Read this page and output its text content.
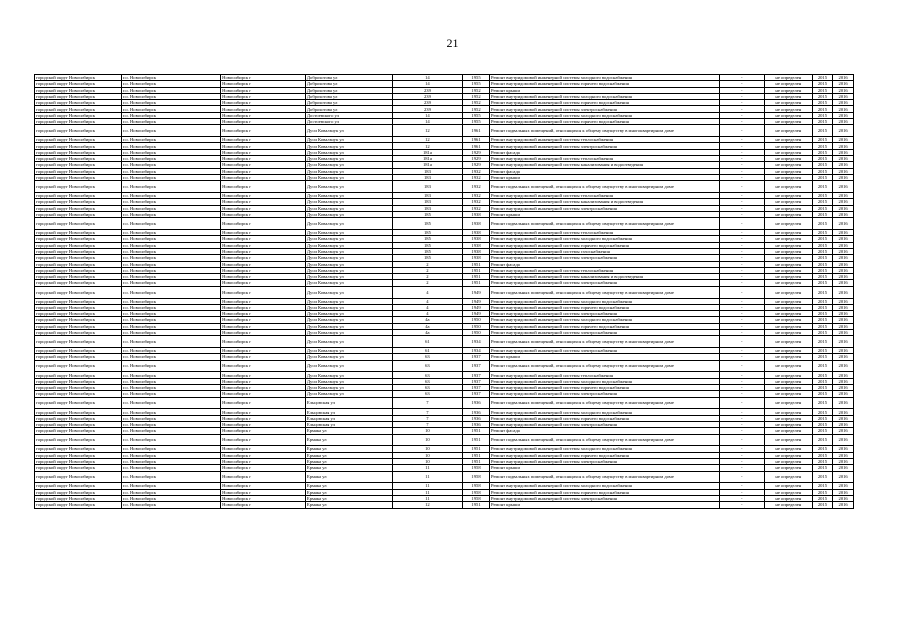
21
городской округ Новосибирск	г.о. Новосибирск	Новосибирск г	Доброхотова ул	14	1955	Ремонт внутридомовой инженерной системы холодного водоснабжения	-	не определен	2015	2016
городской округ Новосибирск	г.о. Новосибирск	Новосибирск г	Доброхотова ул	14	1955	Ремонт внутридомовой инженерной системы горячего водоснабжения	-	не определен	2015	2016
городской округ Новосибирск	г.о. Новосибирск	Новосибирск г	Доброхотова ул	239	1952	Ремонт крыши	-	не определен	2015	2016
городской округ Новосибирск	г.о. Новосибирск	Новосибирск г	Доброхотова ул	239	1952	Ремонт внутридомовой инженерной системы холодного водоснабжения	-	не определен	2015	2016
городской округ Новосибирск	г.о. Новосибирск	Новосибирск г	Доброхотова ул	239	1952	Ремонт внутридомовой инженерной системы горячего водоснабжения	-	не определен	2015	2016
городской округ Новосибирск	г.о. Новосибирск	Новосибирск г	Доброхотова ул	239	1952	Ремонт внутридомовой инженерной системы электроснабжения	-	не определен	2015	2016
городской округ Новосибирск	г.о. Новосибирск	Новосибирск г	Достоевского ул	14	1955	Ремонт внутридомовой инженерной системы холодного водоснабжения	-	не определен	2015	2016
городской округ Новосибирск	г.о. Новосибирск	Новосибирск г	Достоевского ул	14	1955	Ремонт внутридомовой инженерной системы горячего водоснабжения	-	не определен	2015	2016
городской округ Новосибирск	г.о. Новосибирск	Новосибирск г	Дуси Ковальчук ул	12	1961	Ремонт подвальных помещений, относящихся к общему имуществу в многоквартирном доме	-	не определен	2015	2016
городской округ Новосибирск	г.о. Новосибирск	Новосибирск г	Дуси Ковальчук ул	12	1961	Ремонт внутридомовой инженерной системы теплоснабжения	-	не определен	2015	2016
городской округ Новосибирск	г.о. Новосибирск	Новосибирск г	Дуси Ковальчук ул	12	1961	Ремонт внутридомовой инженерной системы электроснабжения	-	не определен	2015	2016
городской округ Новосибирск	г.о. Новосибирск	Новосибирск г	Дуси Ковальчук ул	181а	1929	Ремонт фасада	-	не определен	2015	2016
городской округ Новосибирск	г.о. Новосибирск	Новосибирск г	Дуси Ковальчук ул	181а	1929	Ремонт внутридомовой инженерной системы теплоснабжения	-	не определен	2015	2016
городской округ Новосибирск	г.о. Новосибирск	Новосибирск г	Дуси Ковальчук ул	181а	1929	Ремонт внутридомовой инженерной системы канализования и водоотведения	-	не определен	2015	2016
городской округ Новосибирск	г.о. Новосибирск	Новосибирск г	Дуси Ковальчук ул	183	1932	Ремонт фасада	-	не определен	2015	2016
городской округ Новосибирск	г.о. Новосибирск	Новосибирск г	Дуси Ковальчук ул	183	1932	Ремонт крыши	-	не определен	2015	2016
городской округ Новосибирск	г.о. Новосибирск	Новосибирск г	Дуси Ковальчук ул	183	1932	Ремонт подвальных помещений, относящихся к общему имуществу в многоквартирном доме	-	не определен	2015	2016
городской округ Новосибирск	г.о. Новосибирск	Новосибирск г	Дуси Ковальчук ул	183	1932	Ремонт внутридомовой инженерной системы теплоснабжения	-	не определен	2015	2016
городской округ Новосибирск	г.о. Новосибирск	Новосибирск г	Дуси Ковальчук ул	183	1932	Ремонт внутридомовой инженерной системы канализования и водоотведения	-	не определен	2015	2016
городской округ Новосибирск	г.о. Новосибирск	Новосибирск г	Дуси Ковальчук ул	183	1932	Ремонт внутридомовой инженерной системы электроснабжения	-	не определен	2015	2016
городской округ Новосибирск	г.о. Новосибирск	Новосибирск г	Дуси Ковальчук ул	185	1938	Ремонт крыши	-	не определен	2015	2016
городской округ Новосибирск	г.о. Новосибирск	Новосибирск г	Дуси Ковальчук ул	185	1938	Ремонт подвальных помещений, относящихся к общему имуществу в многоквартирном доме	-	не определен	2015	2016
городской округ Новосибирск	г.о. Новосибирск	Новосибирск г	Дуси Ковальчук ул	185	1938	Ремонт внутридомовой инженерной системы теплоснабжения	-	не определен	2015	2016
городской округ Новосибирск	г.о. Новосибирск	Новосибирск г	Дуси Ковальчук ул	185	1938	Ремонт внутридомовой инженерной системы холодного водоснабжения	-	не определен	2015	2016
городской округ Новосибирск	г.о. Новосибирск	Новосибирск г	Дуси Ковальчук ул	185	1938	Ремонт внутридомовой инженерной системы горячего водоснабжения	-	не определен	2015	2016
городской округ Новосибирск	г.о. Новосибирск	Новосибирск г	Дуси Ковальчук ул	185	1938	Ремонт внутридомовой инженерной системы газоснабжения	-	не определен	2015	2016
городской округ Новосибирск	г.о. Новосибирск	Новосибирск г	Дуси Ковальчук ул	185	1938	Ремонт внутридомовой инженерной системы электроснабжения	-	не определен	2015	2016
городской округ Новосибирск	г.о. Новосибирск	Новосибирск г	Дуси Ковальчук ул	2	1951	Ремонт фасада	-	не определен	2015	2016
городской округ Новосибирск	г.о. Новосибирск	Новосибирск г	Дуси Ковальчук ул	2	1951	Ремонт внутридомовой инженерной системы теплоснабжения	-	не определен	2015	2016
городской округ Новосибирск	г.о. Новосибирск	Новосибирск г	Дуси Ковальчук ул	2	1951	Ремонт внутридомовой инженерной системы канализования и водоотведения	-	не определен	2015	2016
городской округ Новосибирск	г.о. Новосибирск	Новосибирск г	Дуси Ковальчук ул	2	1951	Ремонт внутридомовой инженерной системы электроснабжения	-	не определен	2015	2016
городской округ Новосибирск	г.о. Новосибирск	Новосибирск г	Дуси Ковальчук ул	4	1949	Ремонт подвальных помещений, относящихся к общему имуществу в многоквартирном доме	-	не определен	2015	2016
городской округ Новосибирск	г.о. Новосибирск	Новосибирск г	Дуси Ковальчук ул	4	1949	Ремонт внутридомовой инженерной системы холодного водоснабжения	-	не определен	2015	2016
городской округ Новосибирск	г.о. Новосибирск	Новосибирск г	Дуси Ковальчук ул	4	1949	Ремонт внутридомовой инженерной системы горячего водоснабжения	-	не определен	2015	2016
городской округ Новосибирск	г.о. Новосибирск	Новосибирск г	Дуси Ковальчук ул	4	1949	Ремонт внутридомовой инженерной системы электроснабжения	-	не определен	2015	2016
городской округ Новосибирск	г.о. Новосибирск	Новосибирск г	Дуси Ковальчук ул	4а	1950	Ремонт внутридомовой инженерной системы холодного водоснабжения	-	не определен	2015	2016
городской округ Новосибирск	г.о. Новосибирск	Новосибирск г	Дуси Ковальчук ул	4а	1950	Ремонт внутридомовой инженерной системы горячего водоснабжения	-	не определен	2015	2016
городской округ Новосибирск	г.о. Новосибирск	Новосибирск г	Дуси Ковальчук ул	4а	1950	Ремонт внутридомовой инженерной системы электроснабжения	-	не определен	2015	2016
городской округ Новосибирск	г.о. Новосибирск	Новосибирск г	Дуси Ковальчук ул	61	1934	Ремонт подвальных помещений, относящихся к общему имуществу в многоквартирном доме	-	не определен	2015	2016
городской округ Новосибирск	г.о. Новосибирск	Новосибирск г	Дуси Ковальчук ул	61	1934	Ремонт внутридомовой инженерной системы электроснабжения	-	не определен	2015	2016
городской округ Новосибирск	г.о. Новосибирск	Новосибирск г	Дуси Ковальчук ул	63	1937	Ремонт крыши	-	не определен	2015	2016
городской округ Новосибирск	г.о. Новосибирск	Новосибирск г	Дуси Ковальчук ул	63	1937	Ремонт подвальных помещений, относящихся к общему имуществу в многоквартирном доме	-	не определен	2015	2016
городской округ Новосибирск	г.о. Новосибирск	Новосибирск г	Дуси Ковальчук ул	63	1937	Ремонт внутридомовой инженерной системы теплоснабжения	-	не определен	2015	2016
городской округ Новосибирск	г.о. Новосибирск	Новосибирск г	Дуси Ковальчук ул	63	1937	Ремонт внутридомовой инженерной системы холодного водоснабжения	-	не определен	2015	2016
городской округ Новосибирск	г.о. Новосибирск	Новосибирск г	Дуси Ковальчук ул	63	1937	Ремонт внутридомовой инженерной системы горячего водоснабжения	-	не определен	2015	2016
городской округ Новосибирск	г.о. Новосибирск	Новосибирск г	Дуси Ковальчук ул	63	1937	Ремонт внутридомовой инженерной системы электроснабжения	-	не определен	2015	2016
городской округ Новосибирск	г.о. Новосибирск	Новосибирск г	Ельцовская ул	7	1936	Ремонт подвальных помещений, относящихся к общему имуществу в многоквартирном доме	-	не определен	2015	2016
городской округ Новосибирск	г.о. Новосибирск	Новосибирск г	Ельцовская ул	7	1936	Ремонт внутридомовой инженерной системы холодного водоснабжения	-	не определен	2015	2016
городской округ Новосибирск	г.о. Новосибирск	Новосибирск г	Ельцовская ул	7	1936	Ремонт внутридомовой инженерной системы горячего водоснабжения	-	не определен	2015	2016
городской округ Новосибирск	г.о. Новосибирск	Новосибирск г	Ельцовская ул	7	1936	Ремонт внутридомовой инженерной системы электроснабжения	-	не определен	2015	2016
городской округ Новосибирск	г.о. Новосибирск	Новосибирск г	Ермака ул	10	1951	Ремонт фасада	-	не определен	2015	2016
городской округ Новосибирск	г.о. Новосибирск	Новосибирск г	Ермака ул	10	1951	Ремонт подвальных помещений, относящихся к общему имуществу в многоквартирном доме	-	не определен	2015	2016
городской округ Новосибирск	г.о. Новосибирск	Новосибирск г	Ермака ул	10	1951	Ремонт внутридомовой инженерной системы холодного водоснабжения	-	не определен	2015	2016
городской округ Новосибирск	г.о. Новосибирск	Новосибирск г	Ермака ул	10	1951	Ремонт внутридомовой инженерной системы горячего водоснабжения	-	не определен	2015	2016
городской округ Новосибирск	г.о. Новосибирск	Новосибирск г	Ермака ул	10	1951	Ремонт внутридомовой инженерной системы электроснабжения	-	не определен	2015	2016
городской округ Новосибирск	г.о. Новосибирск	Новосибирск г	Ермака ул	11	1958	Ремонт крыши	-	не определен	2015	2016
городской округ Новосибирск	г.о. Новосибирск	Новосибирск г	Ермака ул	11	1958	Ремонт подвальных помещений, относящихся к общему имуществу в многоквартирном доме	-	не определен	2015	2016
городской округ Новосибирск	г.о. Новосибирск	Новосибирск г	Ермака ул	11	1958	Ремонт внутридомовой инженерной системы холодного водоснабжения	-	не определен	2015	2016
городской округ Новосибирск	г.о. Новосибирск	Новосибирск г	Ермака ул	11	1958	Ремонт внутридомовой инженерной системы горячего водоснабжения	-	не определен	2015	2016
городской округ Новосибирск	г.о. Новосибирск	Новосибирск г	Ермака ул	11	1958	Ремонт внутридомовой инженерной системы электроснабжения	-	не определен	2015	2016
городской округ Новосибирск	г.о. Новосибирск	Новосибирск г	Ермака ул	12	1951	Ремонт крыши	-	не определен	2015	2016
